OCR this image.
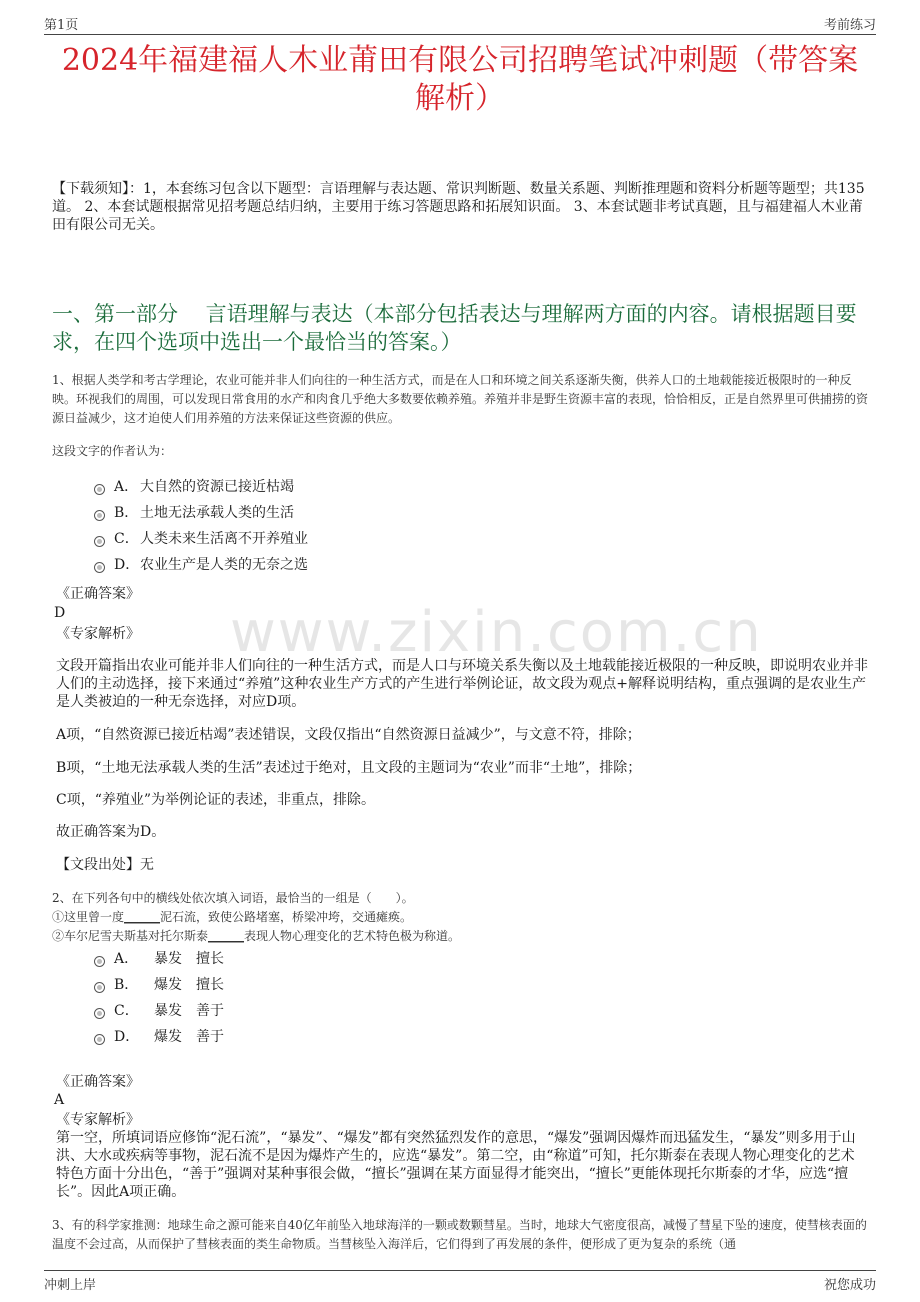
第1页	考前练习
www.zixin.com.cn
2024年福建福人木业莆田有限公司招聘笔试冲刺题（带答案解析）
【下载须知】：1，本套练习包含以下题型：言语理解与表达题、常识判断题、数量关系题、判断推理题和资料分析题等题型；共135道。 2、本套试题根据常见招考题总结归纳，主要用于练习答题思路和拓展知识面。 3、本套试题非考试真题，且与福建福人木业莆田有限公司无关。
一、第一部分　 言语理解与表达（本部分包括表达与理解两方面的内容。请根据题目要求，在四个选项中选出一个最恰当的答案。）
1、根据人类学和考古学理论，农业可能并非人们向往的一种生活方式，而是在人口和环境之间关系逐渐失衡，供养人口的土地载能接近极限时的一种反映。环视我们的周围，可以发现日常食用的水产和肉食几乎绝大多数要依赖养殖。养殖并非是野生资源丰富的表现，恰恰相反，正是自然界里可供捕捞的资源日益减少，这才迫使人们用养殖的方法来保证这些资源的供应。
这段文字的作者认为：
A． 大自然的资源已接近枯竭
B． 土地无法承载人类的生活
C．人类未来生活离不开养殖业
D．农业生产是人类的无奈之选
《正确答案》
D
《专家解析》
文段开篇指出农业可能并非人们向往的一种生活方式，而是人口与环境关系失衡以及土地载能接近极限的一种反映，即说明农业并非人们的主动选择，接下来通过“养殖”这种农业生产方式的产生进行举例论证，故文段为观点+解释说明结构，重点强调的是农业生产是人类被迫的一种无奈选择，对应D项。
A项，“自然资源已接近枯竭”表述错误，文段仅指出“自然资源日益减少”，与文意不符，排除；
B项，“土地无法承载人类的生活”表述过于绝对，且文段的主题词为“农业”而非“土地”，排除；
C项，“养殖业”为举例论证的表述，非重点，排除。
故正确答案为D。
【文段出处】无
2、在下列各句中的横线处依次填入词语，最恰当的一组是（　　）。
①这里曾一度______泥石流，致使公路堵塞，桥梁冲垮，交通瘫痪。
②车尔尼雪夫斯基对托尔斯泰______表现人物心理变化的艺术特色极为称道。
A． 暴发 擅长
B． 爆发 擅长
C． 暴发 善于
D． 爆发 善于
《正确答案》
A
《专家解析》
第一空，所填词语应修饰“泥石流”，“暴发”、“爆发”都有突然猛烈发作的意思，“爆发”强调因爆炸而迅猛发生，“暴发”则多用于山洪、大水或疾病等事物，泥石流不是因为爆炸产生的，应选“暴发”。第二空，由“称道”可知，托尔斯泰在表现人物心理变化的艺术特色方面十分出色，“善于”强调对某种事很会做，“擅长”强调在某方面显得才能突出，“擅长”更能体现托尔斯泰的才华，应选“擅长”。因此A项正确。
3、有的科学家推测：地球生命之源可能来自40亿年前坠入地球海洋的一颗或数颗彗星。当时，地球大气密度很高，减慢了彗星下坠的速度，使彗核表面的温度不会过高，从而保护了彗核表面的类生命物质。当彗核坠入海洋后，它们得到了再发展的条件，便形成了更为复杂的系统（通
冲刺上岸	祝您成功
